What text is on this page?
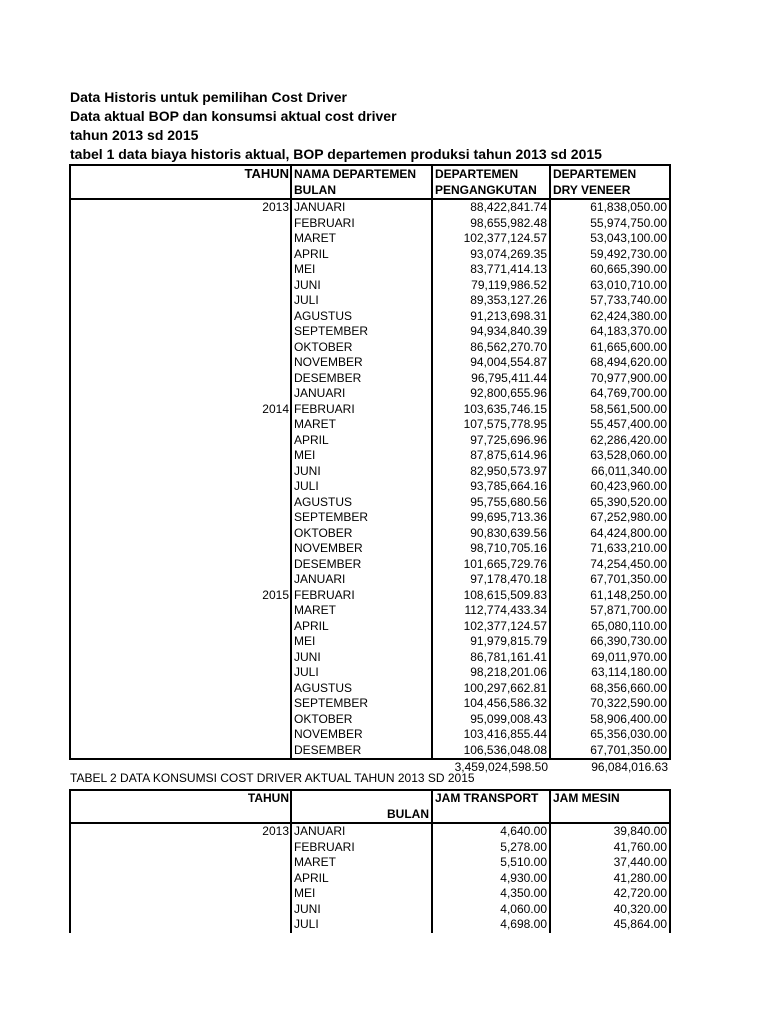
Data Historis untuk pemilihan Cost Driver
Data aktual BOP dan konsumsi aktual cost driver
tahun 2013 sd 2015
tabel 1 data biaya historis aktual, BOP departemen produksi tahun 2013 sd 2015
TAHUN	NAMA DEPARTEMEN	DEPARTEMEN	DEPARTEMEN
	BULAN	PENGANGKUTAN	DRY VENEER
2013	JANUARI	88,422,841.74	61,838,050.00
	FEBRUARI	98,655,982.48	55,974,750.00
	MARET	102,377,124.57	53,043,100.00
	APRIL	93,074,269.35	59,492,730.00
	MEI	83,771,414.13	60,665,390.00
	JUNI	79,119,986.52	63,010,710.00
	JULI	89,353,127.26	57,733,740.00
	AGUSTUS	91,213,698.31	62,424,380.00
	SEPTEMBER	94,934,840.39	64,183,370.00
	OKTOBER	86,562,270.70	61,665,600.00
	NOVEMBER	94,004,554.87	68,494,620.00
	DESEMBER	96,795,411.44	70,977,900.00
	JANUARI	92,800,655.96	64,769,700.00
2014	FEBRUARI	103,635,746.15	58,561,500.00
	MARET	107,575,778.95	55,457,400.00
	APRIL	97,725,696.96	62,286,420.00
	MEI	87,875,614.96	63,528,060.00
	JUNI	82,950,573.97	66,011,340.00
	JULI	93,785,664.16	60,423,960.00
	AGUSTUS	95,755,680.56	65,390,520.00
	SEPTEMBER	99,695,713.36	67,252,980.00
	OKTOBER	90,830,639.56	64,424,800.00
	NOVEMBER	98,710,705.16	71,633,210.00
	DESEMBER	101,665,729.76	74,254,450.00
	JANUARI	97,178,470.18	67,701,350.00
2015	FEBRUARI	108,615,509.83	61,148,250.00
	MARET	112,774,433.34	57,871,700.00
	APRIL	102,377,124.57	65,080,110.00
	MEI	91,979,815.79	66,390,730.00
	JUNI	86,781,161.41	69,011,970.00
	JULI	98,218,201.06	63,114,180.00
	AGUSTUS	100,297,662.81	68,356,660.00
	SEPTEMBER	104,456,586.32	70,322,590.00
	OKTOBER	95,099,008.43	58,906,400.00
	NOVEMBER	103,416,855.44	65,356,030.00
	DESEMBER	106,536,048.08	67,701,350.00
		3,459,024,598.50	96,084,016.63
TABEL 2 DATA KONSUMSI COST DRIVER AKTUAL TAHUN 2013 SD 2015
TAHUN		JAM TRANSPORT	JAM MESIN
	BULAN		
2013	JANUARI	4,640.00	39,840.00
	FEBRUARI	5,278.00	41,760.00
	MARET	5,510.00	37,440.00
	APRIL	4,930.00	41,280.00
	MEI	4,350.00	42,720.00
	JUNI	4,060.00	40,320.00
	JULI	4,698.00	45,864.00
